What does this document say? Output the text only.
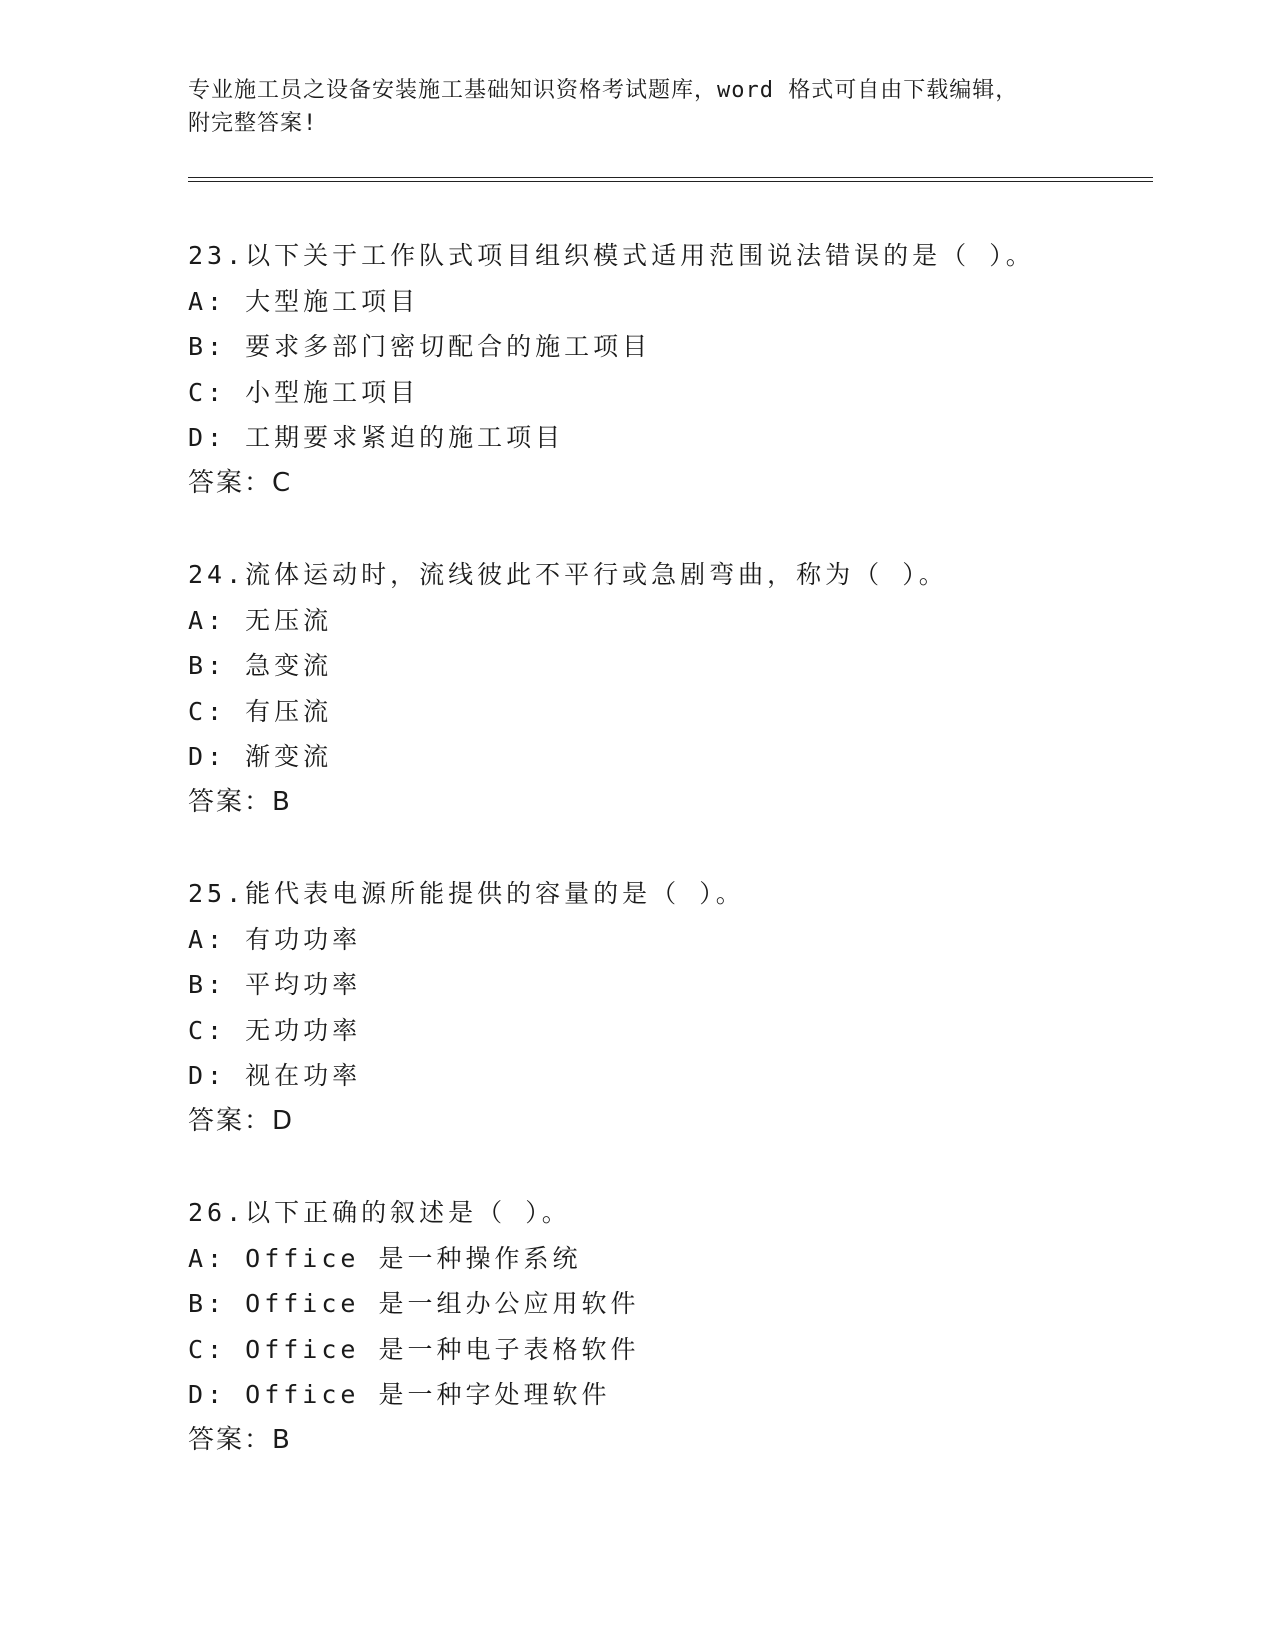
专业施工员之设备安装施工基础知识资格考试题库，word 格式可自由下载编辑，
附完整答案!
23.以下关于工作队式项目组织模式适用范围说法错误的是（ ）。
A: 大型施工项目
B: 要求多部门密切配合的施工项目
C: 小型施工项目
D: 工期要求紧迫的施工项目
答案：C
24.流体运动时，流线彼此不平行或急剧弯曲，称为（ ）。
A: 无压流
B: 急变流
C: 有压流
D: 渐变流
答案：B
25.能代表电源所能提供的容量的是（ ）。
A: 有功功率
B: 平均功率
C: 无功功率
D: 视在功率
答案：D
26.以下正确的叙述是（ ）。
A: Office 是一种操作系统
B: Office 是一组办公应用软件
C: Office 是一种电子表格软件
D: Office 是一种字处理软件
答案：B
